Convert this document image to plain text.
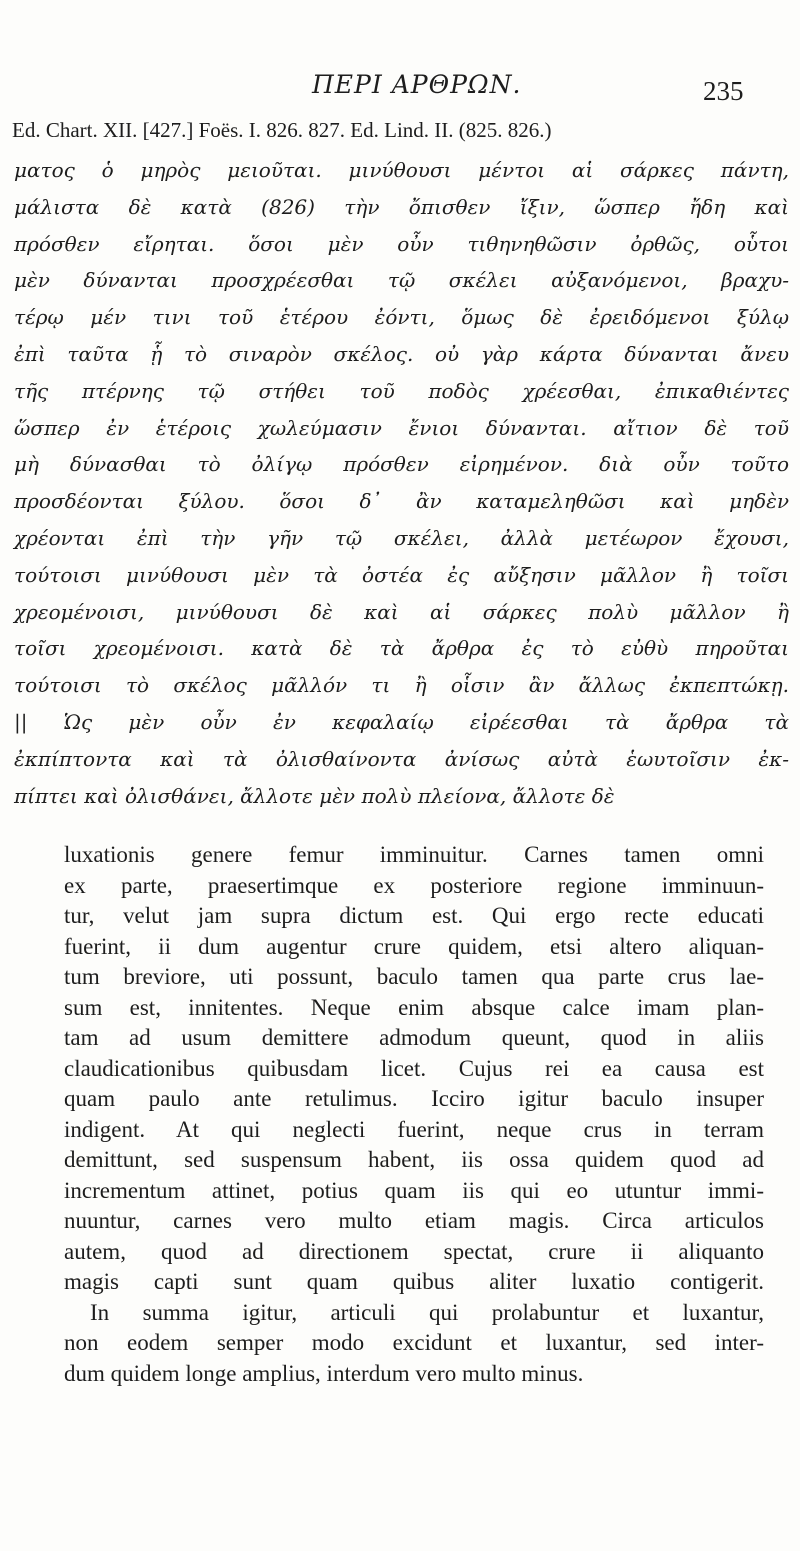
ΠΕΡΙ ΑΡΘΡΩΝ.	235
Ed. Chart. XII. [427.] Foës. I. 826. 827. Ed. Lind. II. (825. 826.)
ματος ὁ μηρὸς μειοῦται. μινύθουσι μέντοι αἱ σάρκες πάντη,
μάλιστα δὲ κατὰ (826) τὴν ὄπισθεν ἴξιν, ὥσπερ ἤδη καὶ
πρόσθεν εἴρηται. ὅσοι μὲν οὖν τιθηνηθῶσιν ὀρθῶς, οὗτοι
μὲν δύνανται προσχρέεσθαι τῷ σκέλει αὐξανόμενοι, βραχυ-
τέρῳ μέν τινι τοῦ ἑτέρου ἐόντι, ὅμως δὲ ἐρειδόμενοι ξύλῳ
ἐπὶ ταῦτα ᾗ τὸ σιναρὸν σκέλος. οὐ γὰρ κάρτα δύνανται ἄνευ
τῆς πτέρνης τῷ στήθει τοῦ ποδὸς χρέεσθαι, ἐπικαθιέντες
ὥσπερ ἐν ἑτέροις χωλεύμασιν ἔνιοι δύνανται. αἴτιον δὲ τοῦ
μὴ δύνασθαι τὸ ὀλίγῳ πρόσθεν εἰρημένον. διὰ οὖν τοῦτο
προσδέονται ξύλου. ὅσοι δ᾽ ἂν καταμεληθῶσι καὶ μηδὲν
χρέονται ἐπὶ τὴν γῆν τῷ σκέλει, ἀλλὰ μετέωρον ἔχουσι,
τούτοισι μινύθουσι μὲν τὰ ὀστέα ἐς αὔξησιν μᾶλλον ἢ τοῖσι
χρεομένοισι, μινύθουσι δὲ καὶ αἱ σάρκες πολὺ μᾶλλον ἢ
τοῖσι χρεομένοισι. κατὰ δὲ τὰ ἄρθρα ἐς τὸ εὐθὺ πηροῦται
τούτοισι τὸ σκέλος μᾶλλόν τι ἢ οἷσιν ἂν ἄλλως ἐκπεπτώκῃ.
|| Ὡς μὲν οὖν ἐν κεφαλαίῳ εἰρέεσθαι τὰ ἄρθρα τὰ
ἐκπίπτοντα καὶ τὰ ὀλισθαίνοντα ἀνίσως αὐτὰ ἑωυτοῖσιν ἐκ-
πίπτει καὶ ὀλισθάνει, ἄλλοτε μὲν πολὺ πλείονα, ἄλλοτε δὲ
luxationis genere femur imminuitur. Carnes tamen omni
ex parte, praesertimque ex posteriore regione imminuun-
tur, velut jam supra dictum est. Qui ergo recte educati
fuerint, ii dum augentur crure quidem, etsi altero aliquan-
tum breviore, uti possunt, baculo tamen qua parte crus lae-
sum est, innitentes. Neque enim absque calce imam plan-
tam ad usum demittere admodum queunt, quod in aliis
claudicationibus quibusdam licet. Cujus rei ea causa est
quam paulo ante retulimus. Icciro igitur baculo insuper
indigent. At qui neglecti fuerint, neque crus in terram
demittunt, sed suspensum habent, iis ossa quidem quod ad
incrementum attinet, potius quam iis qui eo utuntur immi-
nuuntur, carnes vero multo etiam magis. Circa articulos
autem, quod ad directionem spectat, crure ii aliquanto
magis capti sunt quam quibus aliter luxatio contigerit.
In summa igitur, articuli qui prolabuntur et luxantur,
non eodem semper modo excidunt et luxantur, sed inter-
dum quidem longe amplius, interdum vero multo minus.
